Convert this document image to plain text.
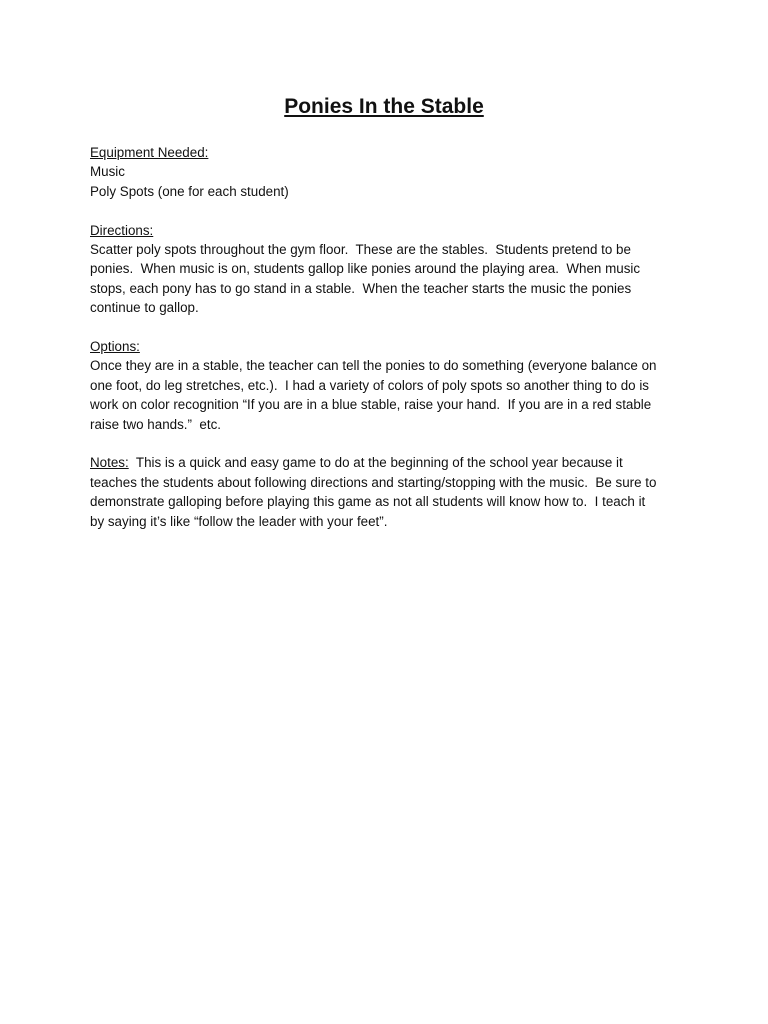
Ponies In the Stable
Equipment Needed:
Music
Poly Spots (one for each student)
Directions:
Scatter poly spots throughout the gym floor.  These are the stables.  Students pretend to be
ponies.  When music is on, students gallop like ponies around the playing area.  When music
stops, each pony has to go stand in a stable.  When the teacher starts the music the ponies
continue to gallop.
Options:
Once they are in a stable, the teacher can tell the ponies to do something (everyone balance on
one foot, do leg stretches, etc.).  I had a variety of colors of poly spots so another thing to do is
work on color recognition “If you are in a blue stable, raise your hand.  If you are in a red stable
raise two hands.”  etc.
Notes:  This is a quick and easy game to do at the beginning of the school year because it
teaches the students about following directions and starting/stopping with the music.  Be sure to
demonstrate galloping before playing this game as not all students will know how to.  I teach it
by saying it’s like “follow the leader with your feet”.
